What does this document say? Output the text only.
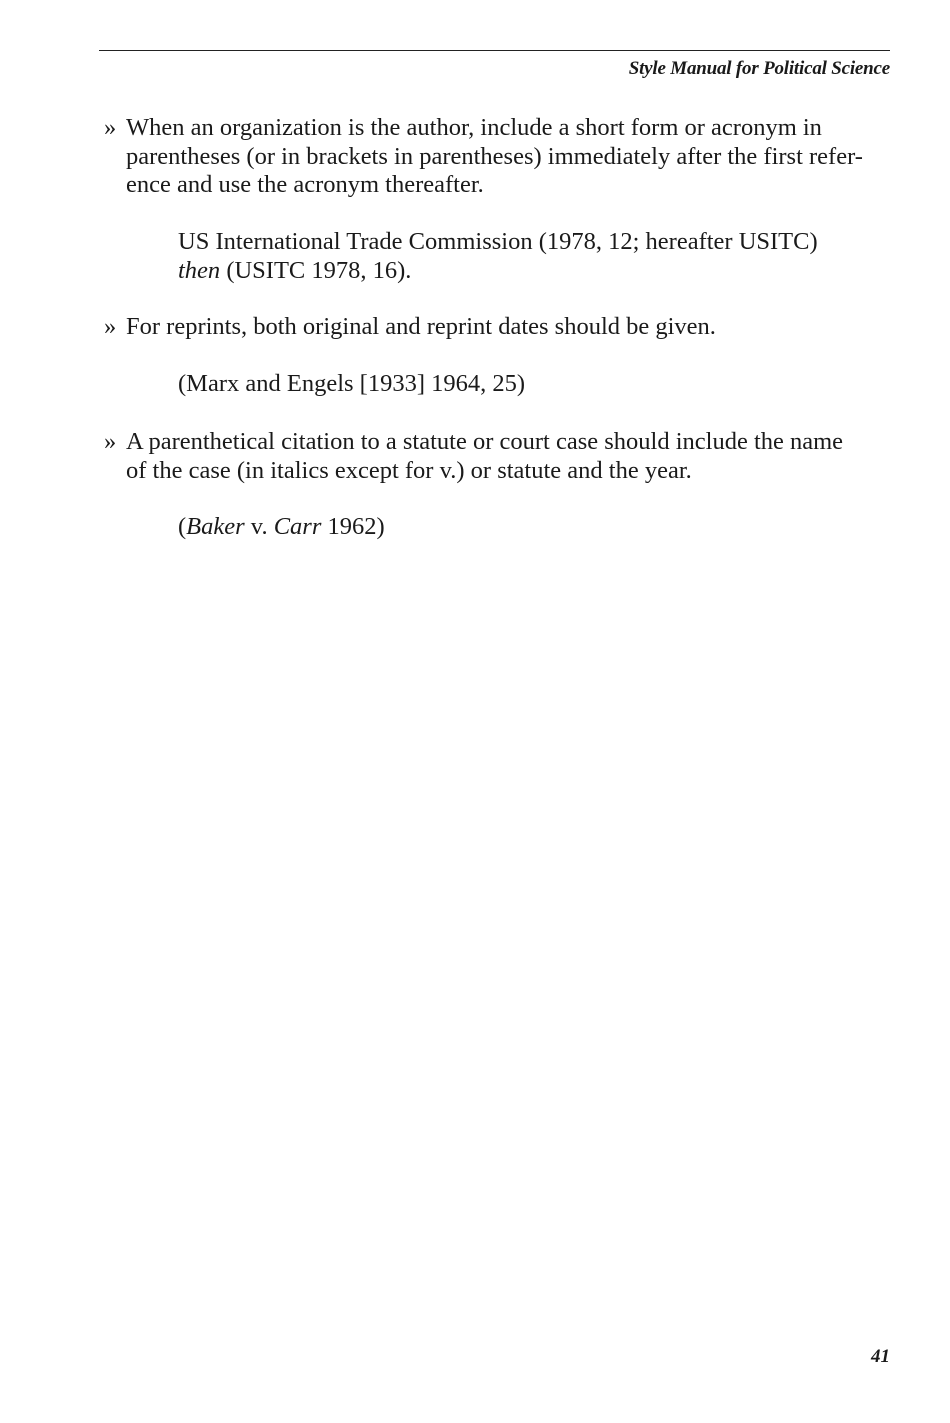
Style Manual for Political Science
» When an organization is the author, include a short form or acronym in
parentheses (or in brackets in parentheses) immediately after the first refer-
ence and use the acronym thereafter.
US International Trade Commission (1978, 12; hereafter USITC)
then (USITC 1978, 16).
» For reprints, both original and reprint dates should be given.
(Marx and Engels [1933] 1964, 25)
» A parenthetical citation to a statute or court case should include the name
of the case (in italics except for v.) or statute and the year.
(Baker v. Carr 1962)
41
